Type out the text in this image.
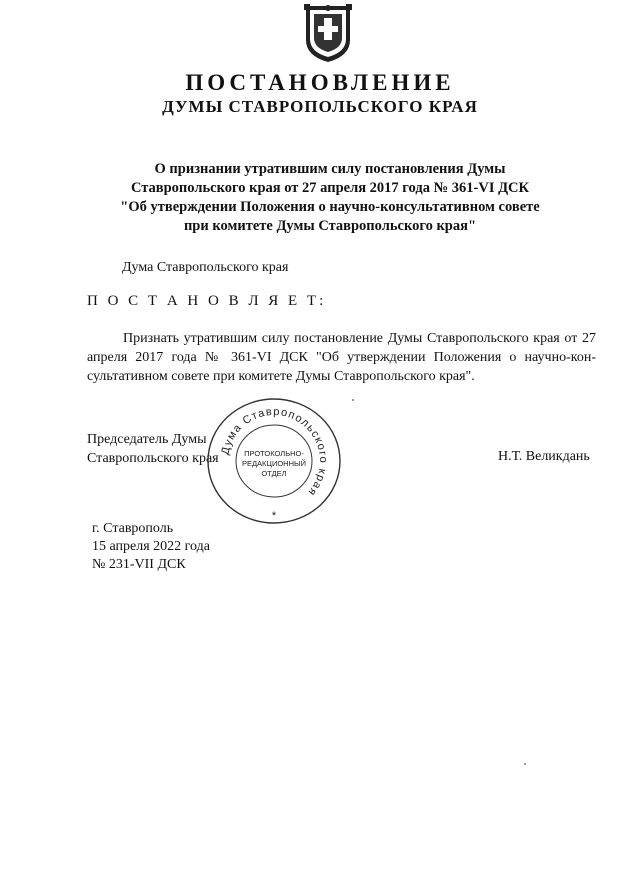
ПОСТАНОВЛЕНИЕ
ДУМЫ СТАВРОПОЛЬСКОГО КРАЯ
О признании утратившим силу постановления Думы
Ставропольского края от 27 апреля 2017 года № 361-VI ДСК
"Об утверждении Положения о научно-консультативном совете
при комитете Думы Ставропольского края"
Дума Ставропольского края
П О С Т А Н О В Л Я Е Т:
Признать утратившим силу постановление Думы Ставропольского края от 27 апреля 2017 года № 361-VI ДСК "Об утверждении Положения о научно-консультативном совете при комитете Думы Ставропольского края".
Председатель Думы
Ставропольского края	Н.Т. Великдань
Дума Ставропольского края
ПРОТОКОЛЬНО-
РЕДАКЦИОННЫЙ
ОТДЕЛ
*
г. Ставрополь
15 апреля 2022 года
№ 231-VII ДСК
